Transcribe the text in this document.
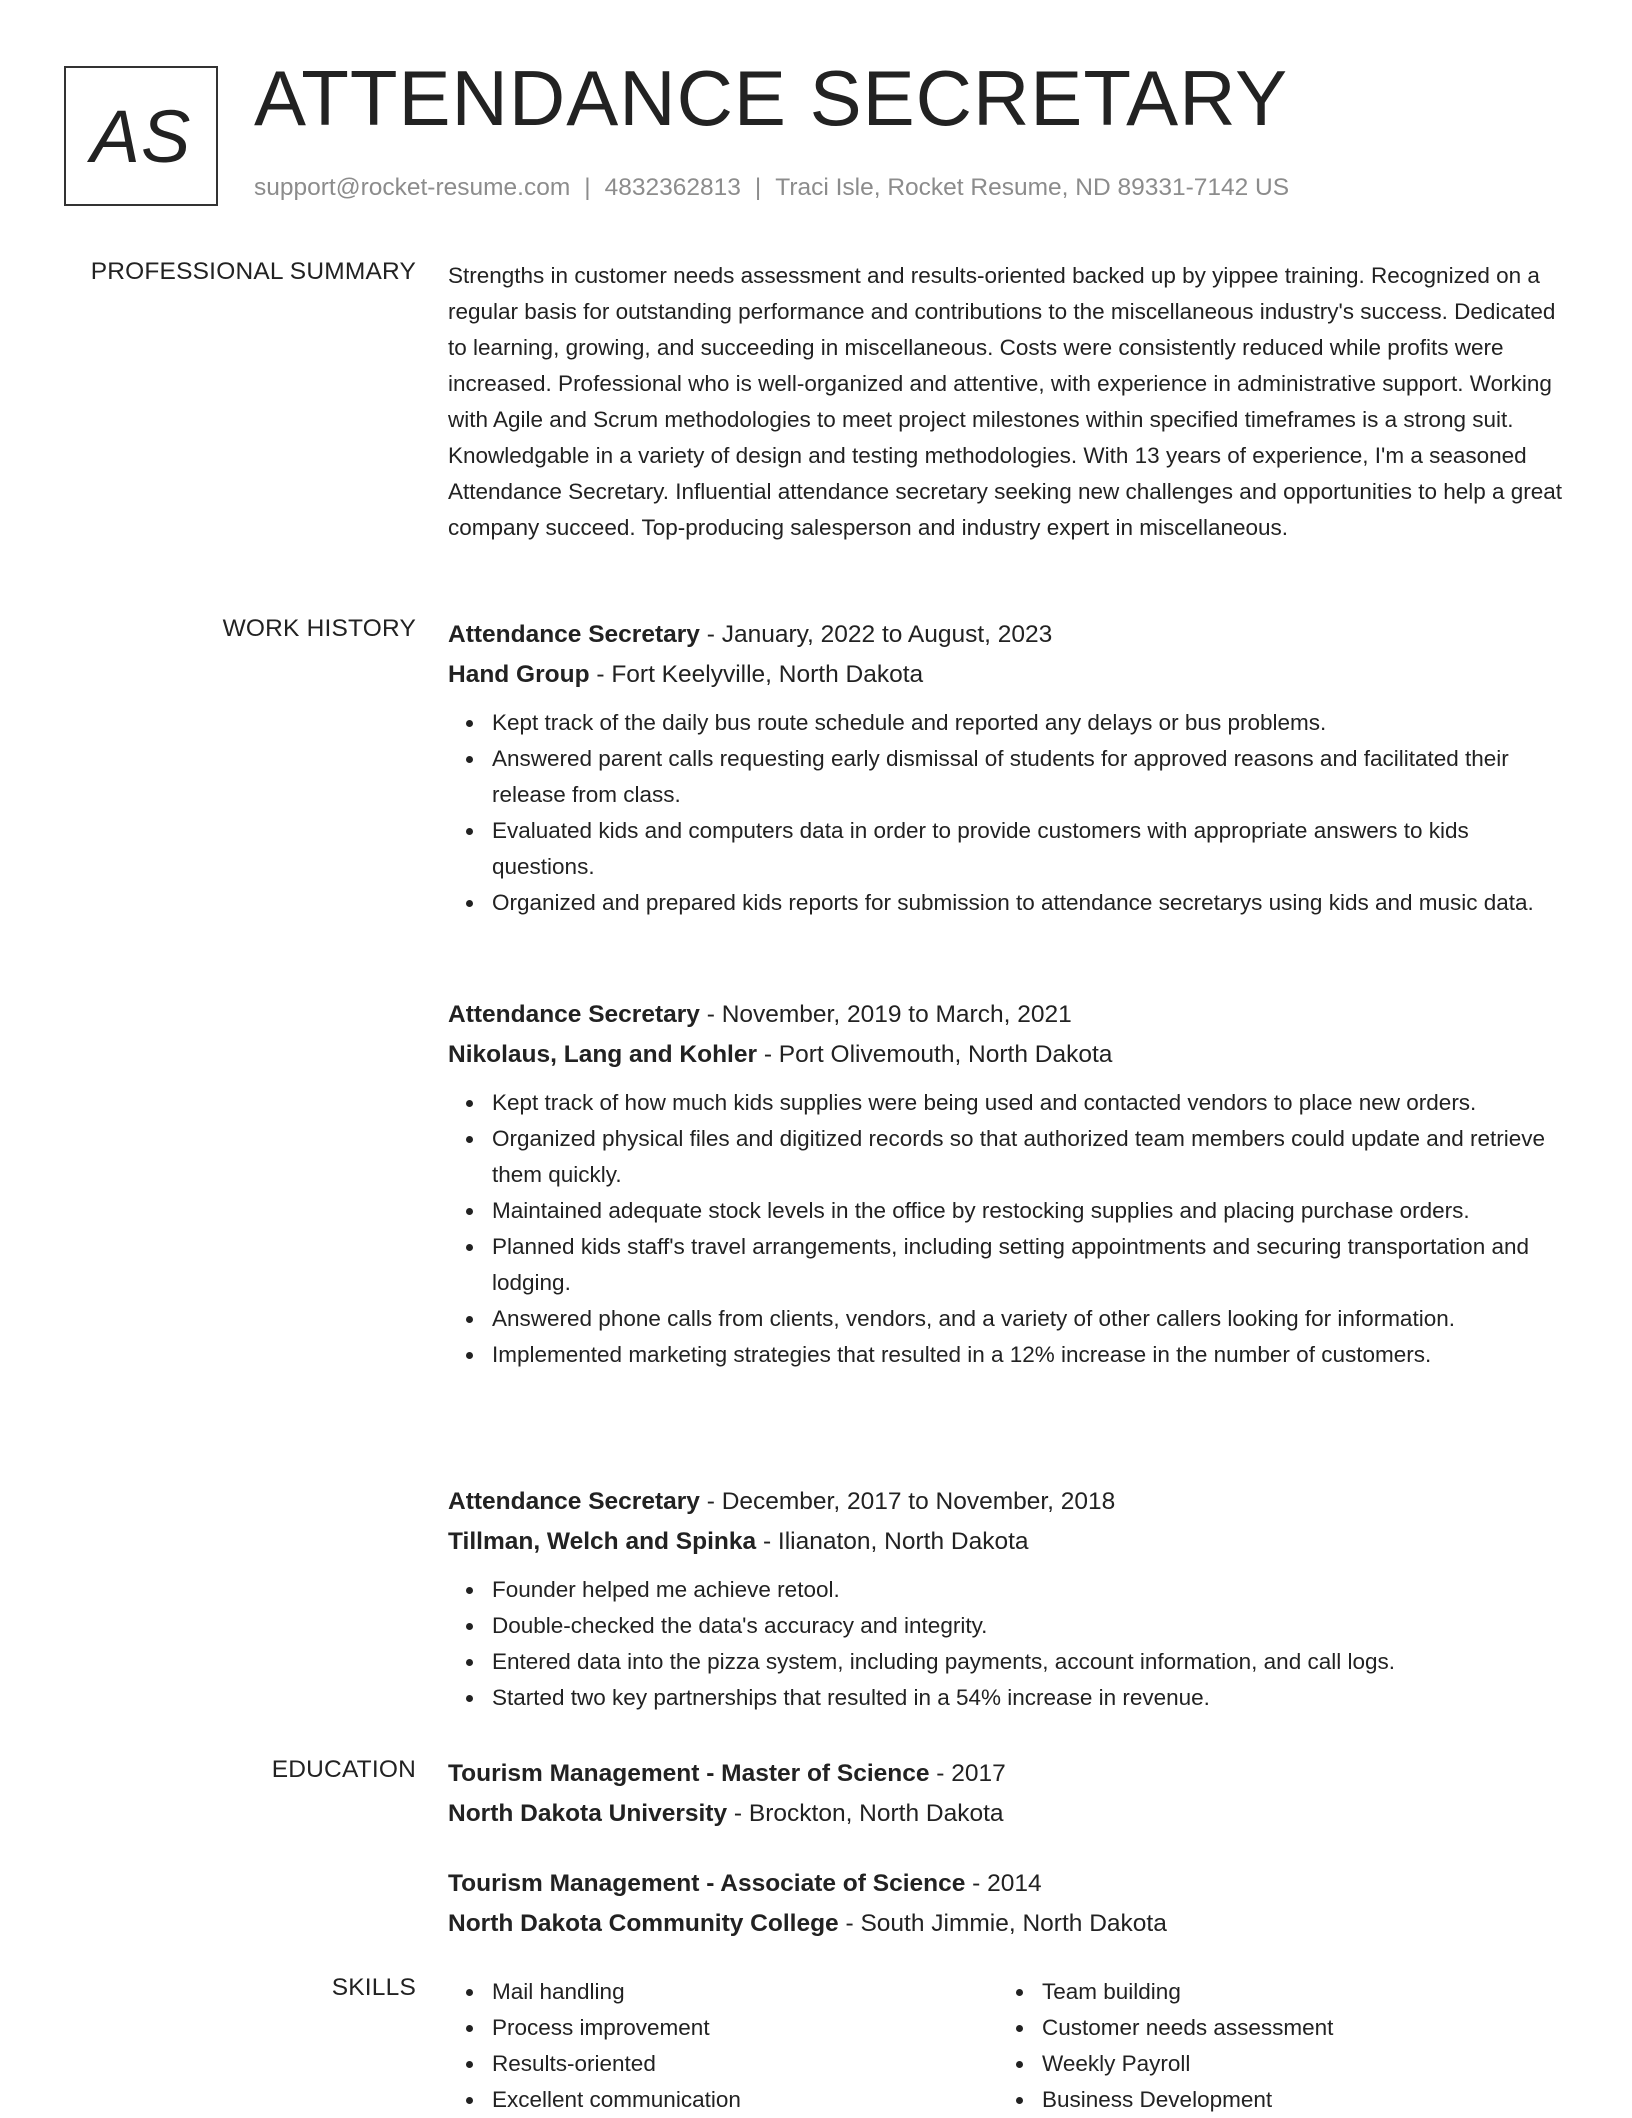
AS ATTENDANCE SECRETARY
support@rocket-resume.com | 4832362813 | Traci Isle, Rocket Resume, ND 89331-7142 US
PROFESSIONAL SUMMARY Strengths in customer needs assessment and results-oriented backed up by yippee training. Recognized on a regular basis for outstanding performance and contributions to the miscellaneous industry's success. Dedicated to learning, growing, and succeeding in miscellaneous. Costs were consistently reduced while profits were increased. Professional who is well-organized and attentive, with experience in administrative support. Working with Agile and Scrum methodologies to meet project milestones within specified timeframes is a strong suit. Knowledgable in a variety of design and testing methodologies. With 13 years of experience, I'm a seasoned Attendance Secretary. Influential attendance secretary seeking new challenges and opportunities to help a great company succeed. Top-producing salesperson and industry expert in miscellaneous.

WORK HISTORY Attendance Secretary - January, 2022 to August, 2023
Hand Group - Fort Keelyville, North Dakota
Kept track of the daily bus route schedule and reported any delays or bus problems.
Answered parent calls requesting early dismissal of students for approved reasons and facilitated their release from class.
Evaluated kids and computers data in order to provide customers with appropriate answers to kids questions.
Organized and prepared kids reports for submission to attendance secretarys using kids and music data.
Attendance Secretary - November, 2019 to March, 2021
Nikolaus, Lang and Kohler - Port Olivemouth, North Dakota
Kept track of how much kids supplies were being used and contacted vendors to place new orders.
Organized physical files and digitized records so that authorized team members could update and retrieve them quickly.
Maintained adequate stock levels in the office by restocking supplies and placing purchase orders.
Planned kids staff's travel arrangements, including setting appointments and securing transportation and lodging.
Answered phone calls from clients, vendors, and a variety of other callers looking for information.
Implemented marketing strategies that resulted in a 12% increase in the number of customers.
Attendance Secretary - December, 2017 to November, 2018
Tillman, Welch and Spinka - Ilianaton, North Dakota
Founder helped me achieve retool.
Double-checked the data's accuracy and integrity.
Entered data into the pizza system, including payments, account information, and call logs.
Started two key partnerships that resulted in a 54% increase in revenue.
EDUCATION Tourism Management - Master of Science - 2017
North Dakota University - Brockton, North Dakota
Tourism Management - Associate of Science - 2014
North Dakota Community College - South Jimmie, North Dakota
SKILLS	Mail handling
Process improvement
Results-oriented
Excellent communication
Team building
Customer needs assessment
Weekly Payroll
Business Development
